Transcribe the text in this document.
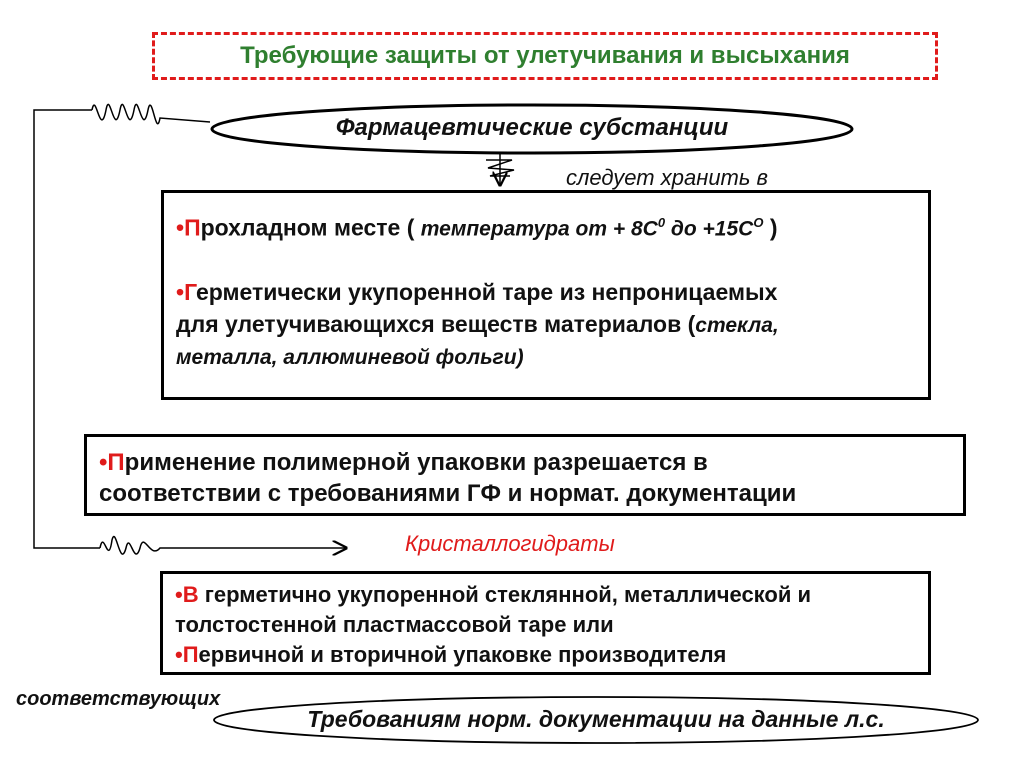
Требующие защиты от улетучивания и высыхания
Фармацевтические субстанции
следует хранить в
•Прохладном месте ( температура от + $8С^0$ до $+15С^О$ )
•Герметически укупоренной таре из непроницаемых
для улетучивающихся веществ материалов (стекла,
металла, аллюминевой фольги)
•Применение полимерной упаковки разрешается в
соответствии с требованиями ГФ и нормат. документации
Кристаллогидраты
•В герметично укупоренной стеклянной, металлической и
толстостенной пластмассовой таре или
•Первичной и вторичной упаковке производителя
соответствующих
Требованиям норм. документации на данные л.с.
